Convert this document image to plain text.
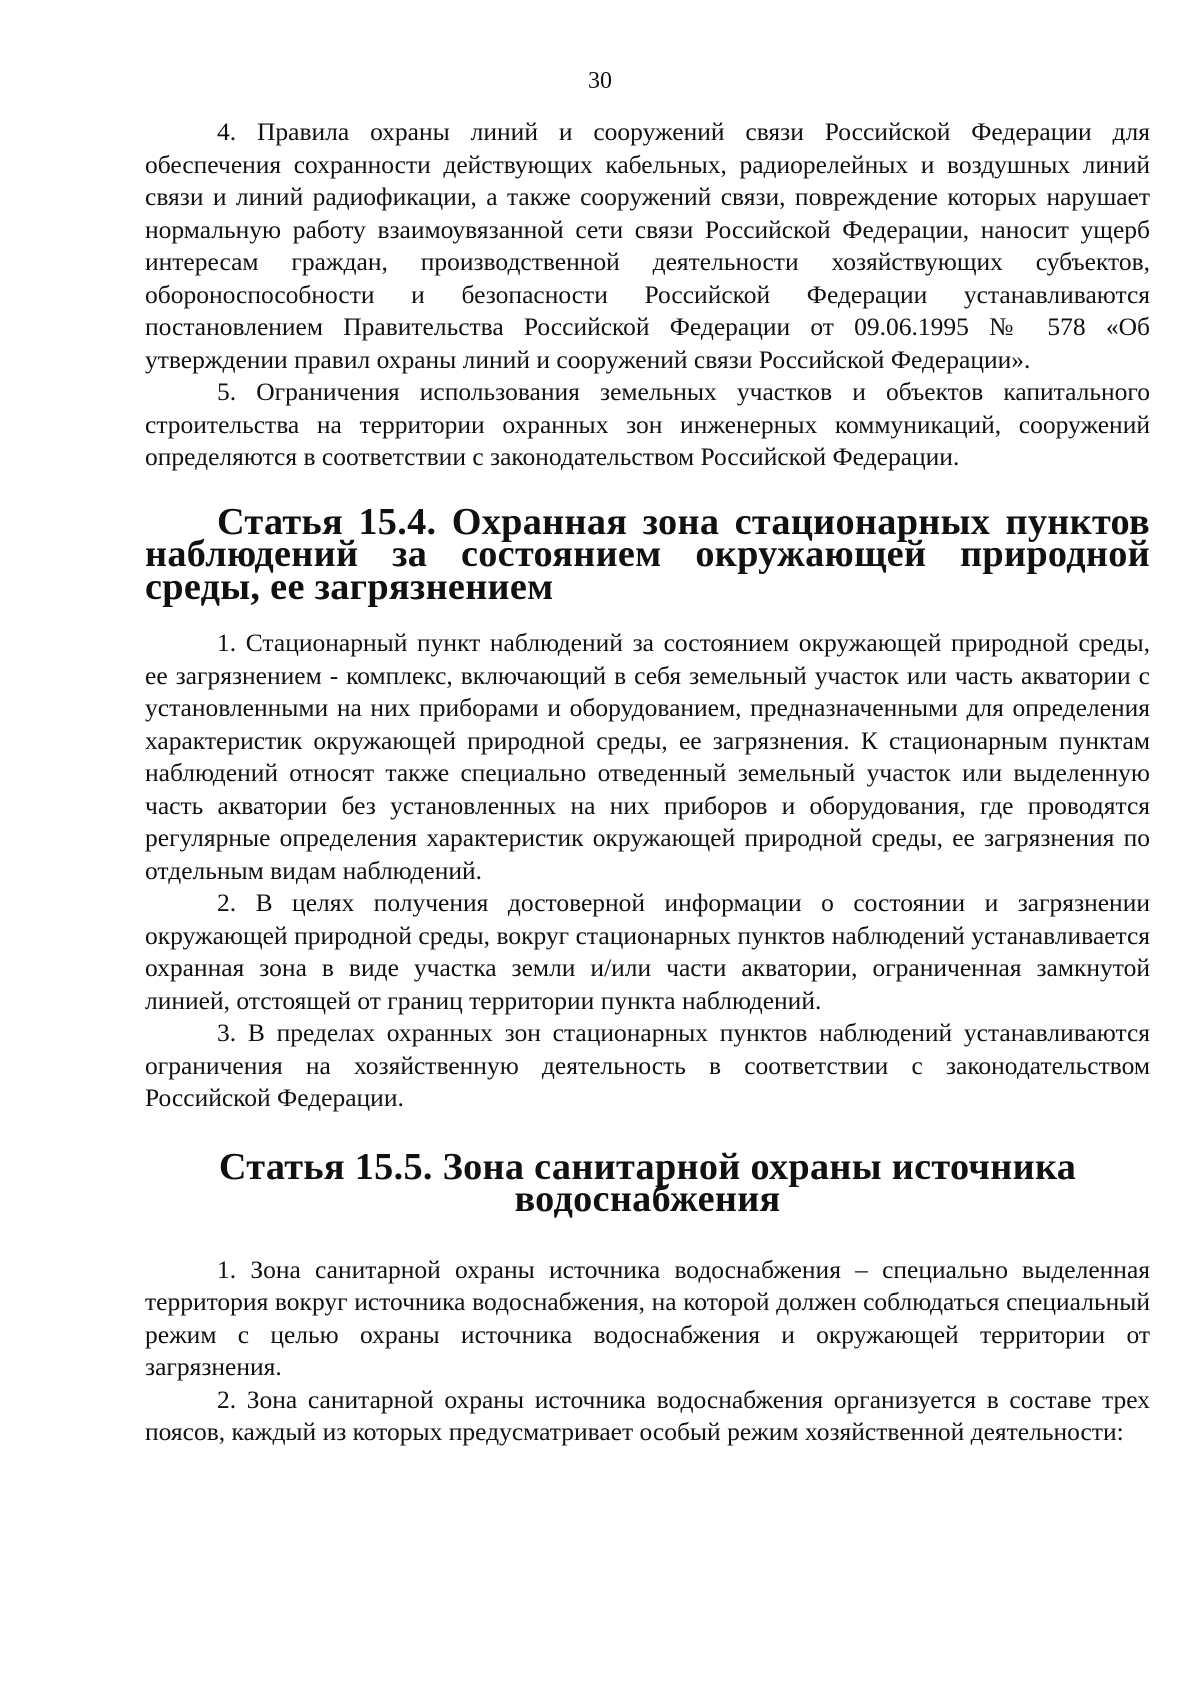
30

4. Правила охраны линий и сооружений связи Российской Федерации для обеспечения сохранности действующих кабельных, радиорелейных и воздушных линий связи и линий радиофикации, а также сооружений связи, повреждение которых нарушает нормальную работу взаимоувязанной сети связи Российской Федерации, наносит ущерб интересам граждан, производственной деятельности хозяйствующих субъектов, обороноспособности и безопасности Российской Федерации устанавливаются постановлением Правительства Российской Федерации от 09.06.1995 № 578 «Об утверждении правил охраны линий и сооружений связи Российской Федерации».

5. Ограничения использования земельных участков и объектов капитального строительства на территории охранных зон инженерных коммуникаций, сооружений определяются в соответствии с законодательством Российской Федерации.

Статья 15.4. Охранная зона стационарных пунктов наблюдений за состоянием окружающей природной среды, ее загрязнением

1. Стационарный пункт наблюдений за состоянием окружающей природной среды, ее загрязнением - комплекс, включающий в себя земельный участок или часть акватории с установленными на них приборами и оборудованием, предназначенными для определения характеристик окружающей природной среды, ее загрязнения. К стационарным пунктам наблюдений относят также специально отведенный земельный участок или выделенную часть акватории без установленных на них приборов и оборудования, где проводятся регулярные определения характеристик окружающей природной среды, ее загрязнения по отдельным видам наблюдений.

2. В целях получения достоверной информации о состоянии и загрязнении окружающей природной среды, вокруг стационарных пунктов наблюдений устанавливается охранная зона в виде участка земли и/или части акватории, ограниченная замкнутой линией, отстоящей от границ территории пункта наблюдений.

3. В пределах охранных зон стационарных пунктов наблюдений устанавливаются ограничения на хозяйственную деятельность в соответствии с законодательством Российской Федерации.

Статья 15.5. Зона санитарной охраны источника водоснабжения

1. Зона санитарной охраны источника водоснабжения – специально выделенная территория вокруг источника водоснабжения, на которой должен соблюдаться специальный режим с целью охраны источника водоснабжения и окружающей территории от загрязнения.

2. Зона санитарной охраны источника водоснабжения организуется в составе трех поясов, каждый из которых предусматривает особый режим хозяйственной деятельности:
